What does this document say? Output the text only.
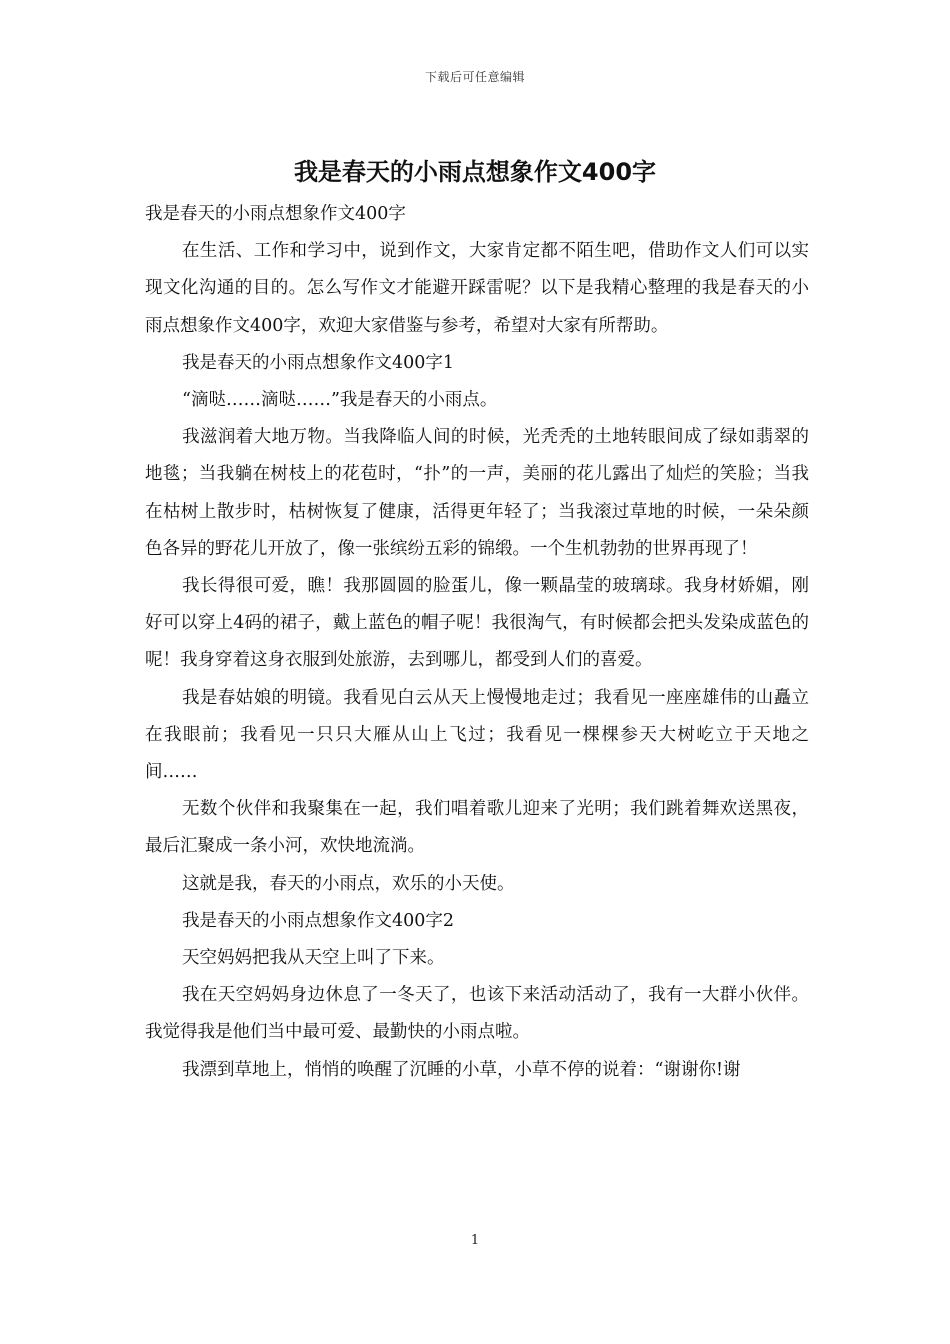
下载后可任意编辑
我是春天的小雨点想象作文400字

我是春天的小雨点想象作文400字

在生活、工作和学习中，说到作文，大家肯定都不陌生吧，借助作文人们可以实现文化沟通的目的。怎么写作文才能避开踩雷呢？以下是我精心整理的我是春天的小雨点想象作文400字，欢迎大家借鉴与参考，希望对大家有所帮助。

我是春天的小雨点想象作文400字1

“滴哒……滴哒……”我是春天的小雨点。

我滋润着大地万物。当我降临人间的时候，光秃秃的土地转眼间成了绿如翡翠的地毯；当我躺在树枝上的花苞时，“扑”的一声，美丽的花儿露出了灿烂的笑脸；当我在枯树上散步时，枯树恢复了健康，活得更年轻了；当我滚过草地的时候，一朵朵颜色各异的野花儿开放了，像一张缤纷五彩的锦缎。一个生机勃勃的世界再现了！

我长得很可爱，瞧！我那圆圆的脸蛋儿，像一颗晶莹的玻璃球。我身材娇媚，刚好可以穿上4码的裙子，戴上蓝色的帽子呢！我很淘气，有时候都会把头发染成蓝色的呢！我身穿着这身衣服到处旅游，去到哪儿，都受到人们的喜爱。

我是春姑娘的明镜。我看见白云从天上慢慢地走过；我看见一座座雄伟的山矗立在我眼前；我看见一只只大雁从山上飞过；我看见一棵棵参天大树屹立于天地之间……

无数个伙伴和我聚集在一起，我们唱着歌儿迎来了光明；我们跳着舞欢送黑夜，最后汇聚成一条小河，欢快地流淌。

这就是我，春天的小雨点，欢乐的小天使。

我是春天的小雨点想象作文400字2

天空妈妈把我从天空上叫了下来。

我在天空妈妈身边休息了一冬天了，也该下来活动活动了，我有一大群小伙伴。我觉得我是他们当中最可爱、最勤快的小雨点啦。

我漂到草地上，悄悄的唤醒了沉睡的小草，小草不停的说着：“谢谢你!谢

1
